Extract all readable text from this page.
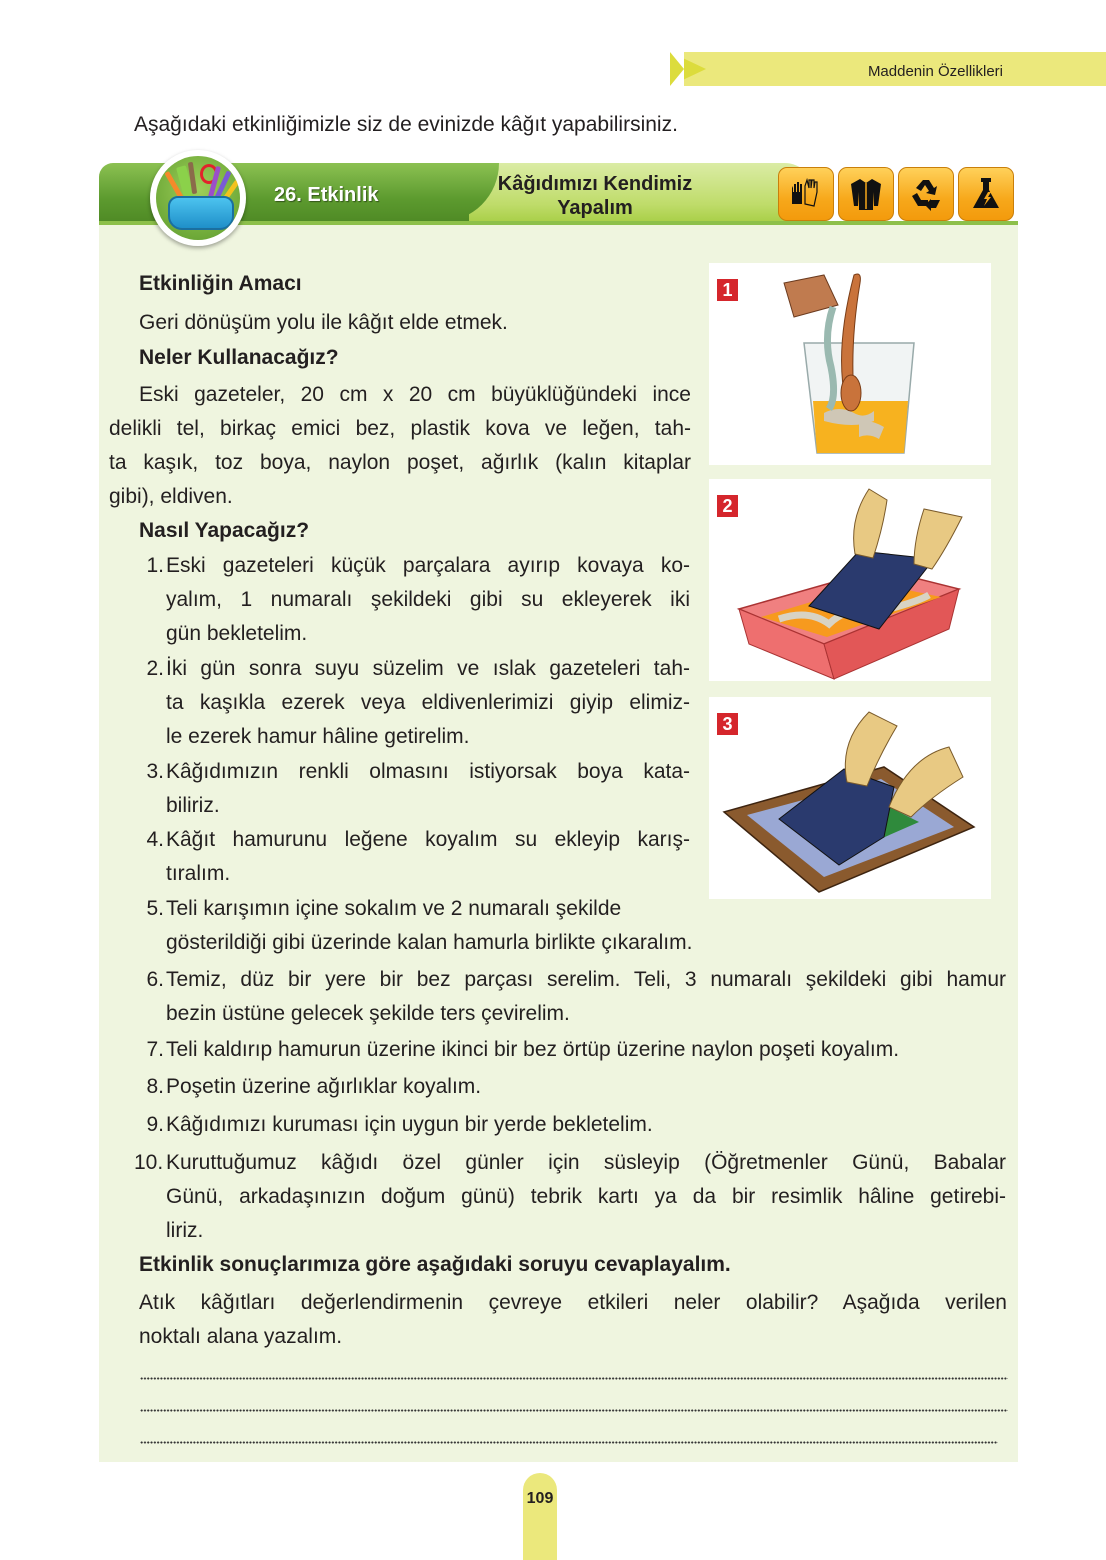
Maddenin Özellikleri
Aşağıdaki etkinliğimizle siz de evinizde kâğıt yapabilirsiniz.
26. Etkinlik	Kâğıdımızı Kendimiz
Yapalım
Etkinliğin Amacı
Geri dönüşüm yolu ile kâğıt elde etmek.
Neler Kullanacağız?
Eski gazeteler, 20 cm x 20 cm büyüklüğündeki ince
delikli tel, birkaç emici bez, plastik kova ve leğen, tah-
ta kaşık, toz boya, naylon poşet, ağırlık (kalın kitaplar
gibi), eldiven.
Nasıl Yapacağız?
1. Eski gazeteleri küçük parçalara ayırıp kovaya ko-
yalım, 1 numaralı şekildeki gibi su ekleyerek iki
gün bekletelim.
2. İki gün sonra suyu süzelim ve ıslak gazeteleri tah-
ta kaşıkla ezerek veya eldivenlerimizi giyip elimiz-
le ezerek hamur hâline getirelim.
3. Kâğıdımızın renkli olmasını istiyorsak boya kata-
biliriz.
4. Kâğıt hamurunu leğene koyalım su ekleyip karış-
tıralım.
5. Teli karışımın içine sokalım ve 2 numaralı şekilde
gösterildiği gibi üzerinde kalan hamurla birlikte çıkaralım.
6. Temiz, düz bir yere bir bez parçası serelim. Teli, 3 numaralı şekildeki gibi hamur
bezin üstüne gelecek şekilde ters çevirelim.
7. Teli kaldırıp hamurun üzerine ikinci bir bez örtüp üzerine naylon poşeti koyalım.
8. Poşetin üzerine ağırlıklar koyalım.
9. Kâğıdımızı kuruması için uygun bir yerde bekletelim.
10. Kuruttuğumuz kâğıdı özel günler için süsleyip (Öğretmenler Günü, Babalar
Günü, arkadaşınızın doğum günü) tebrik kartı ya da bir resimlik hâline getirebi-
liriz.
Etkinlik sonuçlarımıza göre aşağıdaki soruyu cevaplayalım.
Atık kâğıtları değerlendirmenin çevreye etkileri neler olabilir? Aşağıda verilen
noktalı alana yazalım.
1
2
3
109
